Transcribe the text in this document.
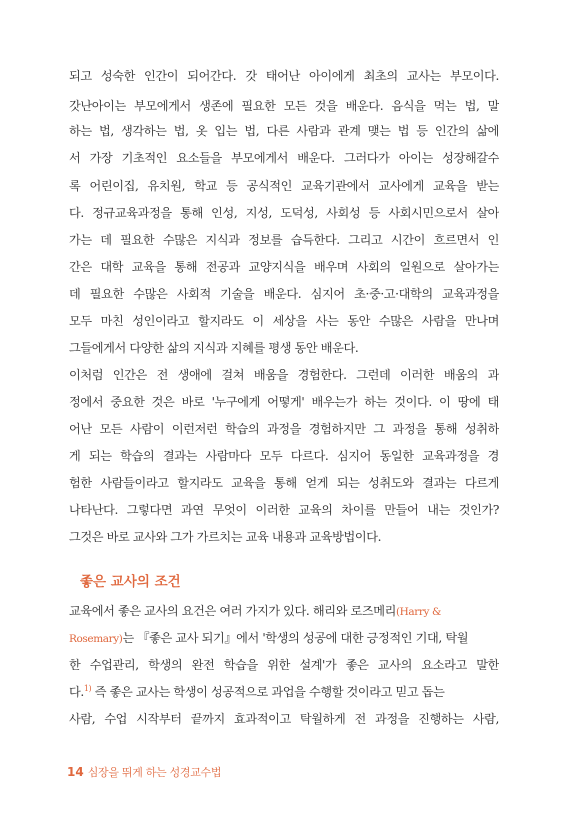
되고 성숙한 인간이 되어간다. 갓 태어난 아이에게 최초의 교사는 부모이다.
갓난아이는 부모에게서 생존에 필요한 모든 것을 배운다. 음식을 먹는 법, 말
하는 법, 생각하는 법, 옷 입는 법, 다른 사람과 관계 맺는 법 등 인간의 삶에
서 가장 기초적인 요소들을 부모에게서 배운다. 그러다가 아이는 성장해갈수
록 어린이집, 유치원, 학교 등 공식적인 교육기관에서 교사에게 교육을 받는
다. 정규교육과정을 통해 인성, 지성, 도덕성, 사회성 등 사회시민으로서 살아
가는 데 필요한 수많은 지식과 정보를 습득한다. 그리고 시간이 흐르면서 인
간은 대학 교육을 통해 전공과 교양지식을 배우며 사회의 일원으로 살아가는
데 필요한 수많은 사회적 기술을 배운다. 심지어 초·중·고·대학의 교육과정을
모두 마친 성인이라고 할지라도 이 세상을 사는 동안 수많은 사람을 만나며
그들에게서 다양한 삶의 지식과 지혜를 평생 동안 배운다.
이처럼 인간은 전 생애에 걸쳐 배움을 경험한다. 그런데 이러한 배움의 과
정에서 중요한 것은 바로 '누구에게 어떻게' 배우는가 하는 것이다. 이 땅에 태
어난 모든 사람이 이런저런 학습의 과정을 경험하지만 그 과정을 통해 성취하
게 되는 학습의 결과는 사람마다 모두 다르다. 심지어 동일한 교육과정을 경
험한 사람들이라고 할지라도 교육을 통해 얻게 되는 성취도와 결과는 다르게
나타난다. 그렇다면 과연 무엇이 이러한 교육의 차이를 만들어 내는 것인가?
그것은 바로 교사와 그가 가르치는 교육 내용과 교육방법이다.
좋은 교사의 조건
교육에서 좋은 교사의 요건은 여러 가지가 있다. 해리와 로즈메리(Harry &
Rosemary)는 『좋은 교사 되기』에서 '학생의 성공에 대한 긍정적인 기대, 탁월
한 수업관리, 학생의 완전 학습을 위한 설계'가 좋은 교사의 요소라고 말한
다.$^{1)}$ 즉 좋은 교사는 학생이 성공적으로 과업을 수행할 것이라고 믿고 돕는
사람, 수업 시작부터 끝까지 효과적이고 탁월하게 전 과정을 진행하는 사람,
14 심장을 뛰게 하는 성경교수법
